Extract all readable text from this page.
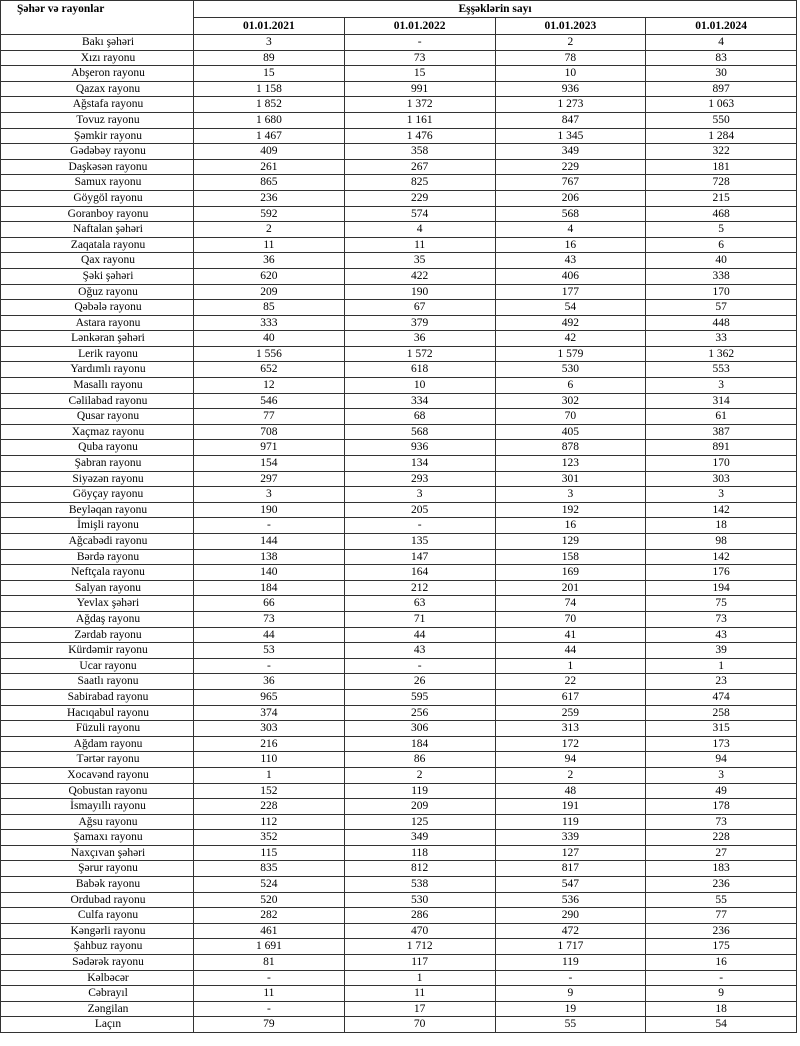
Şəhər və rayonlar	Eşşəklərin sayı			
	01.01.2021	01.01.2022	01.01.2023	01.01.2024
Bakı şəhəri	3	-	2	4
Xızı rayonu	89	73	78	83
Abşeron rayonu	15	15	10	30
Qazax rayonu	1 158	991	936	897
Ağstafa rayonu	1 852	1 372	1 273	1 063
Tovuz rayonu	1 680	1 161	847	550
Şəmkir rayonu	1 467	1 476	1 345	1 284
Gədəbəy rayonu	409	358	349	322
Daşkəsən rayonu	261	267	229	181
Samux rayonu	865	825	767	728
Göygöl rayonu	236	229	206	215
Goranboy rayonu	592	574	568	468
Naftalan şəhəri	2	4	4	5
Zaqatala rayonu	11	11	16	6
Qax rayonu	36	35	43	40
Şəki şəhəri	620	422	406	338
Oğuz rayonu	209	190	177	170
Qəbələ rayonu	85	67	54	57
Astara rayonu	333	379	492	448
Lənkəran şəhəri	40	36	42	33
Lerik rayonu	1 556	1 572	1 579	1 362
Yardımlı rayonu	652	618	530	553
Masallı rayonu	12	10	6	3
Cəlilabad rayonu	546	334	302	314
Qusar rayonu	77	68	70	61
Xaçmaz rayonu	708	568	405	387
Quba rayonu	971	936	878	891
Şabran rayonu	154	134	123	170
Siyəzən rayonu	297	293	301	303
Göyçay rayonu	3	3	3	3
Beyləqan rayonu	190	205	192	142
İmişli rayonu	-	-	16	18
Ağcabədi rayonu	144	135	129	98
Bərdə rayonu	138	147	158	142
Neftçala rayonu	140	164	169	176
Salyan rayonu	184	212	201	194
Yevlax şəhəri	66	63	74	75
Ağdaş rayonu	73	71	70	73
Zərdab rayonu	44	44	41	43
Kürdəmir rayonu	53	43	44	39
Ucar rayonu	-	-	1	1
Saatlı rayonu	36	26	22	23
Sabirabad rayonu	965	595	617	474
Hacıqabul rayonu	374	256	259	258
Füzuli rayonu	303	306	313	315
Ağdam rayonu	216	184	172	173
Tərtər rayonu	110	86	94	94
Xocavənd rayonu	1	2	2	3
Qobustan rayonu	152	119	48	49
İsmayıllı rayonu	228	209	191	178
Ağsu rayonu	112	125	119	73
Şamaxı rayonu	352	349	339	228
Naxçıvan şəhəri	115	118	127	27
Şərur rayonu	835	812	817	183
Babək rayonu	524	538	547	236
Ordubad rayonu	520	530	536	55
Culfa rayonu	282	286	290	77
Kəngərli rayonu	461	470	472	236
Şahbuz rayonu	1 691	1 712	1 717	175
Sədərək rayonu	81	117	119	16
Kəlbəcər	-	1	-	-
Cəbrayıl	11	11	9	9
Zəngilan	-	17	19	18
Laçın	79	70	55	54
